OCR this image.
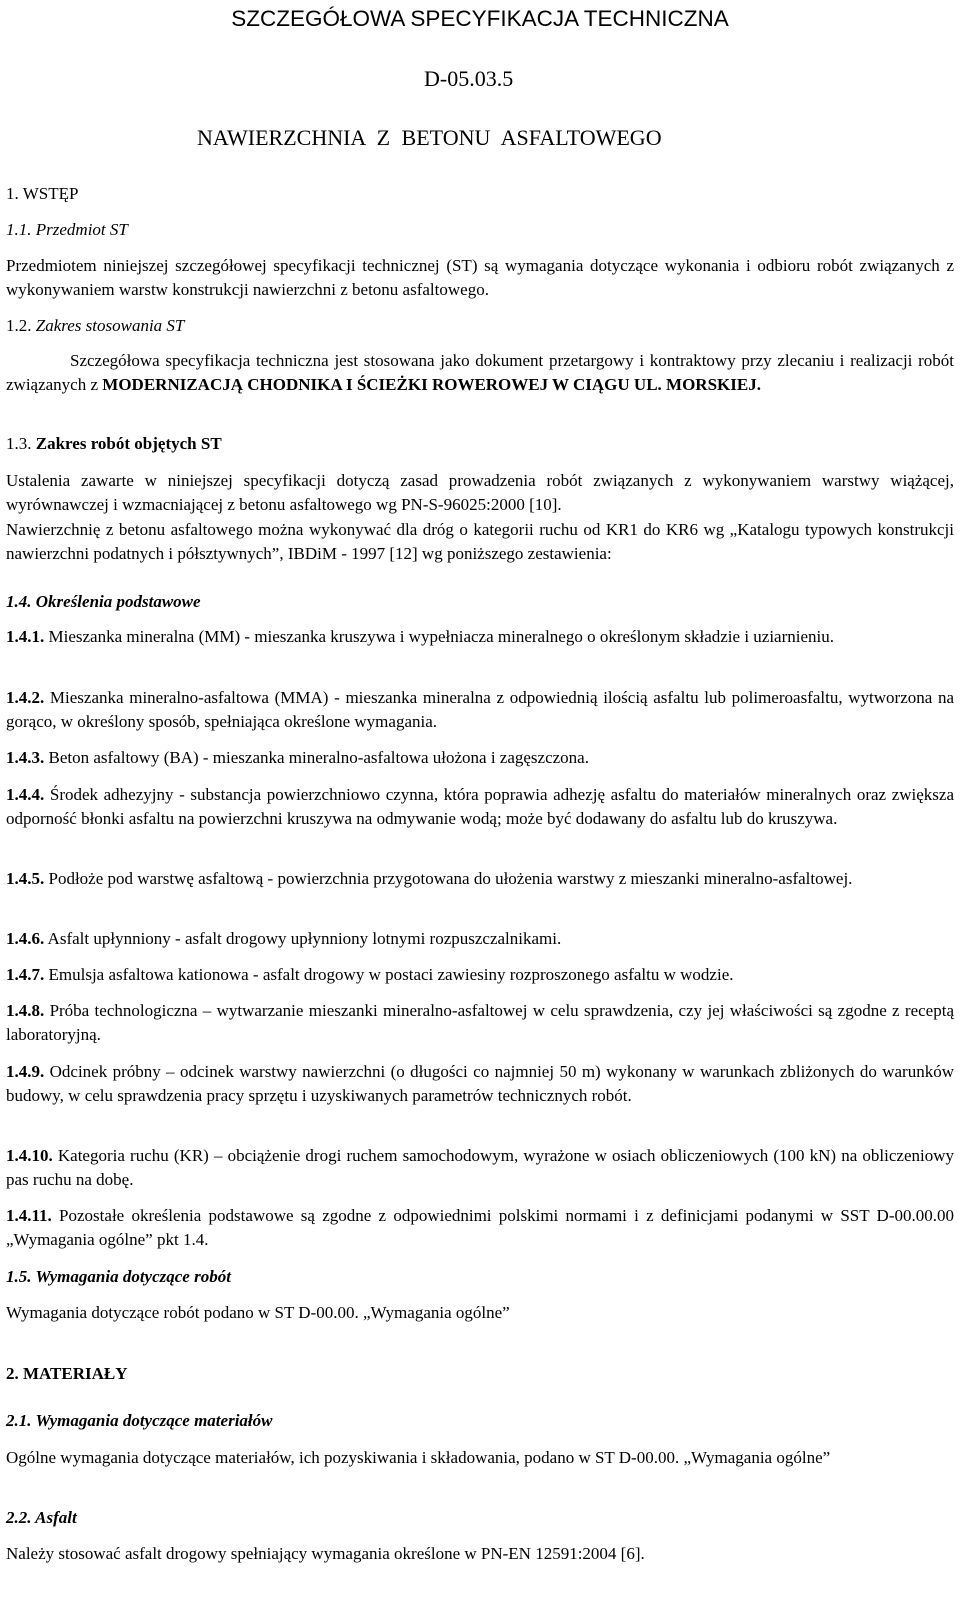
SZCZEGÓŁOWA SPECYFIKACJA TECHNICZNA
D-05.03.5
NAWIERZCHNIA Z BETONU ASFALTOWEGO

1. WSTĘP

1.1. Przedmiot ST

Przedmiotem niniejszej szczegółowej specyfikacji technicznej (ST) są wymagania dotyczące wykonania i odbioru robót związanych z wykonywaniem warstw konstrukcji nawierzchni z betonu asfaltowego.

1.2. Zakres stosowania ST

Szczegółowa specyfikacja techniczna jest stosowana jako dokument przetargowy i kontraktowy przy zlecaniu i realizacji robót związanych z MODERNIZACJĄ CHODNIKA I ŚCIEŻKI ROWEROWEJ W CIĄGU UL. MORSKIEJ.

1.3. Zakres robót objętych ST

Ustalenia zawarte w niniejszej specyfikacji dotyczą zasad prowadzenia robót związanych z wykonywaniem warstwy wiążącej, wyrównawczej i wzmacniającej z betonu asfaltowego wg PN-S-96025:2000 [10].

Nawierzchnię z betonu asfaltowego można wykonywać dla dróg o kategorii ruchu od KR1 do KR6 wg „Katalogu typowych konstrukcji nawierzchni podatnych i półsztywnych”, IBDiM - 1997 [12] wg poniższego zestawienia:

1.4. Określenia podstawowe

1.4.1. Mieszanka mineralna (MM) - mieszanka kruszywa i wypełniacza mineralnego o określonym składzie i uziarnieniu.

1.4.2. Mieszanka mineralno-asfaltowa (MMA) - mieszanka mineralna z odpowiednią ilością asfaltu lub polimeroasfaltu, wytworzona na gorąco, w określony sposób, spełniająca określone wymagania.

1.4.3. Beton asfaltowy (BA) - mieszanka mineralno-asfaltowa ułożona i zagęszczona.

1.4.4. Środek adhezyjny - substancja powierzchniowo czynna, która poprawia adhezję asfaltu do materiałów mineralnych oraz zwiększa odporność błonki asfaltu na powierzchni kruszywa na odmywanie wodą; może być dodawany do asfaltu lub do kruszywa.

1.4.5. Podłoże pod warstwę asfaltową - powierzchnia przygotowana do ułożenia warstwy z mieszanki mineralno-asfaltowej.

1.4.6. Asfalt upłynniony - asfalt drogowy upłynniony lotnymi rozpuszczalnikami.

1.4.7. Emulsja asfaltowa kationowa - asfalt drogowy w postaci zawiesiny rozproszonego asfaltu w wodzie.

1.4.8. Próba technologiczna – wytwarzanie mieszanki mineralno-asfaltowej w celu sprawdzenia, czy jej właściwości są zgodne z receptą laboratoryjną.

1.4.9. Odcinek próbny – odcinek warstwy nawierzchni (o długości co najmniej 50 m) wykonany w warunkach zbliżonych do warunków budowy, w celu sprawdzenia pracy sprzętu i uzyskiwanych parametrów technicznych robót.

1.4.10. Kategoria ruchu (KR) – obciążenie drogi ruchem samochodowym, wyrażone w osiach obliczeniowych (100 kN) na obliczeniowy pas ruchu na dobę.

1.4.11. Pozostałe określenia podstawowe są zgodne z odpowiednimi polskimi normami i z definicjami podanymi w SST D-00.00.00 „Wymagania ogólne” pkt 1.4.

1.5. Wymagania dotyczące robót

Wymagania dotyczące robót podano w ST D-00.00. „Wymagania ogólne”

2. MATERIAŁY

2.1. Wymagania dotyczące materiałów

Ogólne wymagania dotyczące materiałów, ich pozyskiwania i składowania, podano w ST D-00.00. „Wymagania ogólne”

2.2. Asfalt

Należy stosować asfalt drogowy spełniający wymagania określone w PN-EN 12591:2004 [6].
